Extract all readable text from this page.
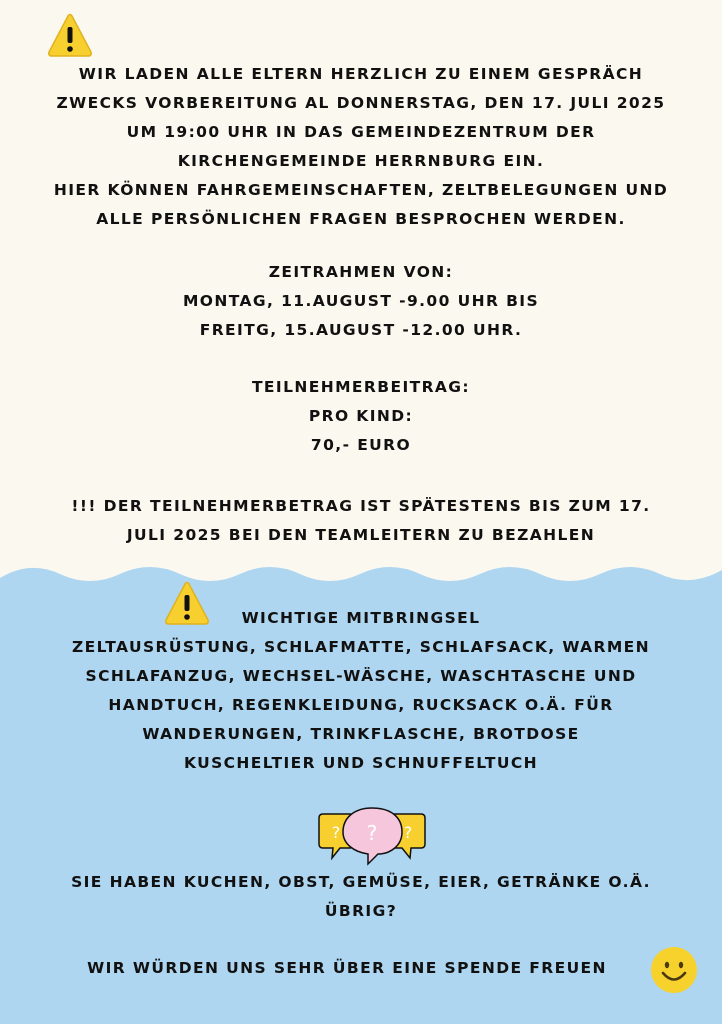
WIR LADEN ALLE ELTERN HERZLICH ZU EINEM GESPRÄCH
ZWECKS VORBEREITUNG AL DONNERSTAG, DEN 17. JULI 2025
UM 19:00 UHR IN DAS GEMEINDEZENTRUM DER
KIRCHENGEMEINDE HERRNBURG EIN.
HIER KÖNNEN FAHRGEMEINSCHAFTEN, ZELTBELEGUNGEN UND
ALLE PERSÖNLICHEN FRAGEN BESPROCHEN WERDEN.
ZEITRAHMEN VON:
MONTAG, 11.AUGUST -9.00 UHR BIS
FREITG, 15.AUGUST -12.00 UHR.
TEILNEHMERBEITRAG:
PRO KIND:
70,- EURO
!!! DER TEILNEHMERBETRAG IST SPÄTESTENS BIS ZUM 17.
JULI 2025 BEI DEN TEAMLEITERN ZU BEZAHLEN
WICHTIGE MITBRINGSEL
ZELTAUSRÜSTUNG, SCHLAFMATTE, SCHLAFSACK, WARMEN
SCHLAFANZUG, WECHSEL-WÄSCHE, WASCHTASCHE UND
HANDTUCH, REGENKLEIDUNG, RUCKSACK O.Ä. FÜR
WANDERUNGEN, TRINKFLASCHE, BROTDOSE
KUSCHELTIER UND SCHNUFFELTUCH
?	?
?
SIE HABEN KUCHEN, OBST, GEMÜSE, EIER, GETRÄNKE O.Ä.
ÜBRIG?
WIR WÜRDEN UNS SEHR ÜBER EINE SPENDE FREUEN
